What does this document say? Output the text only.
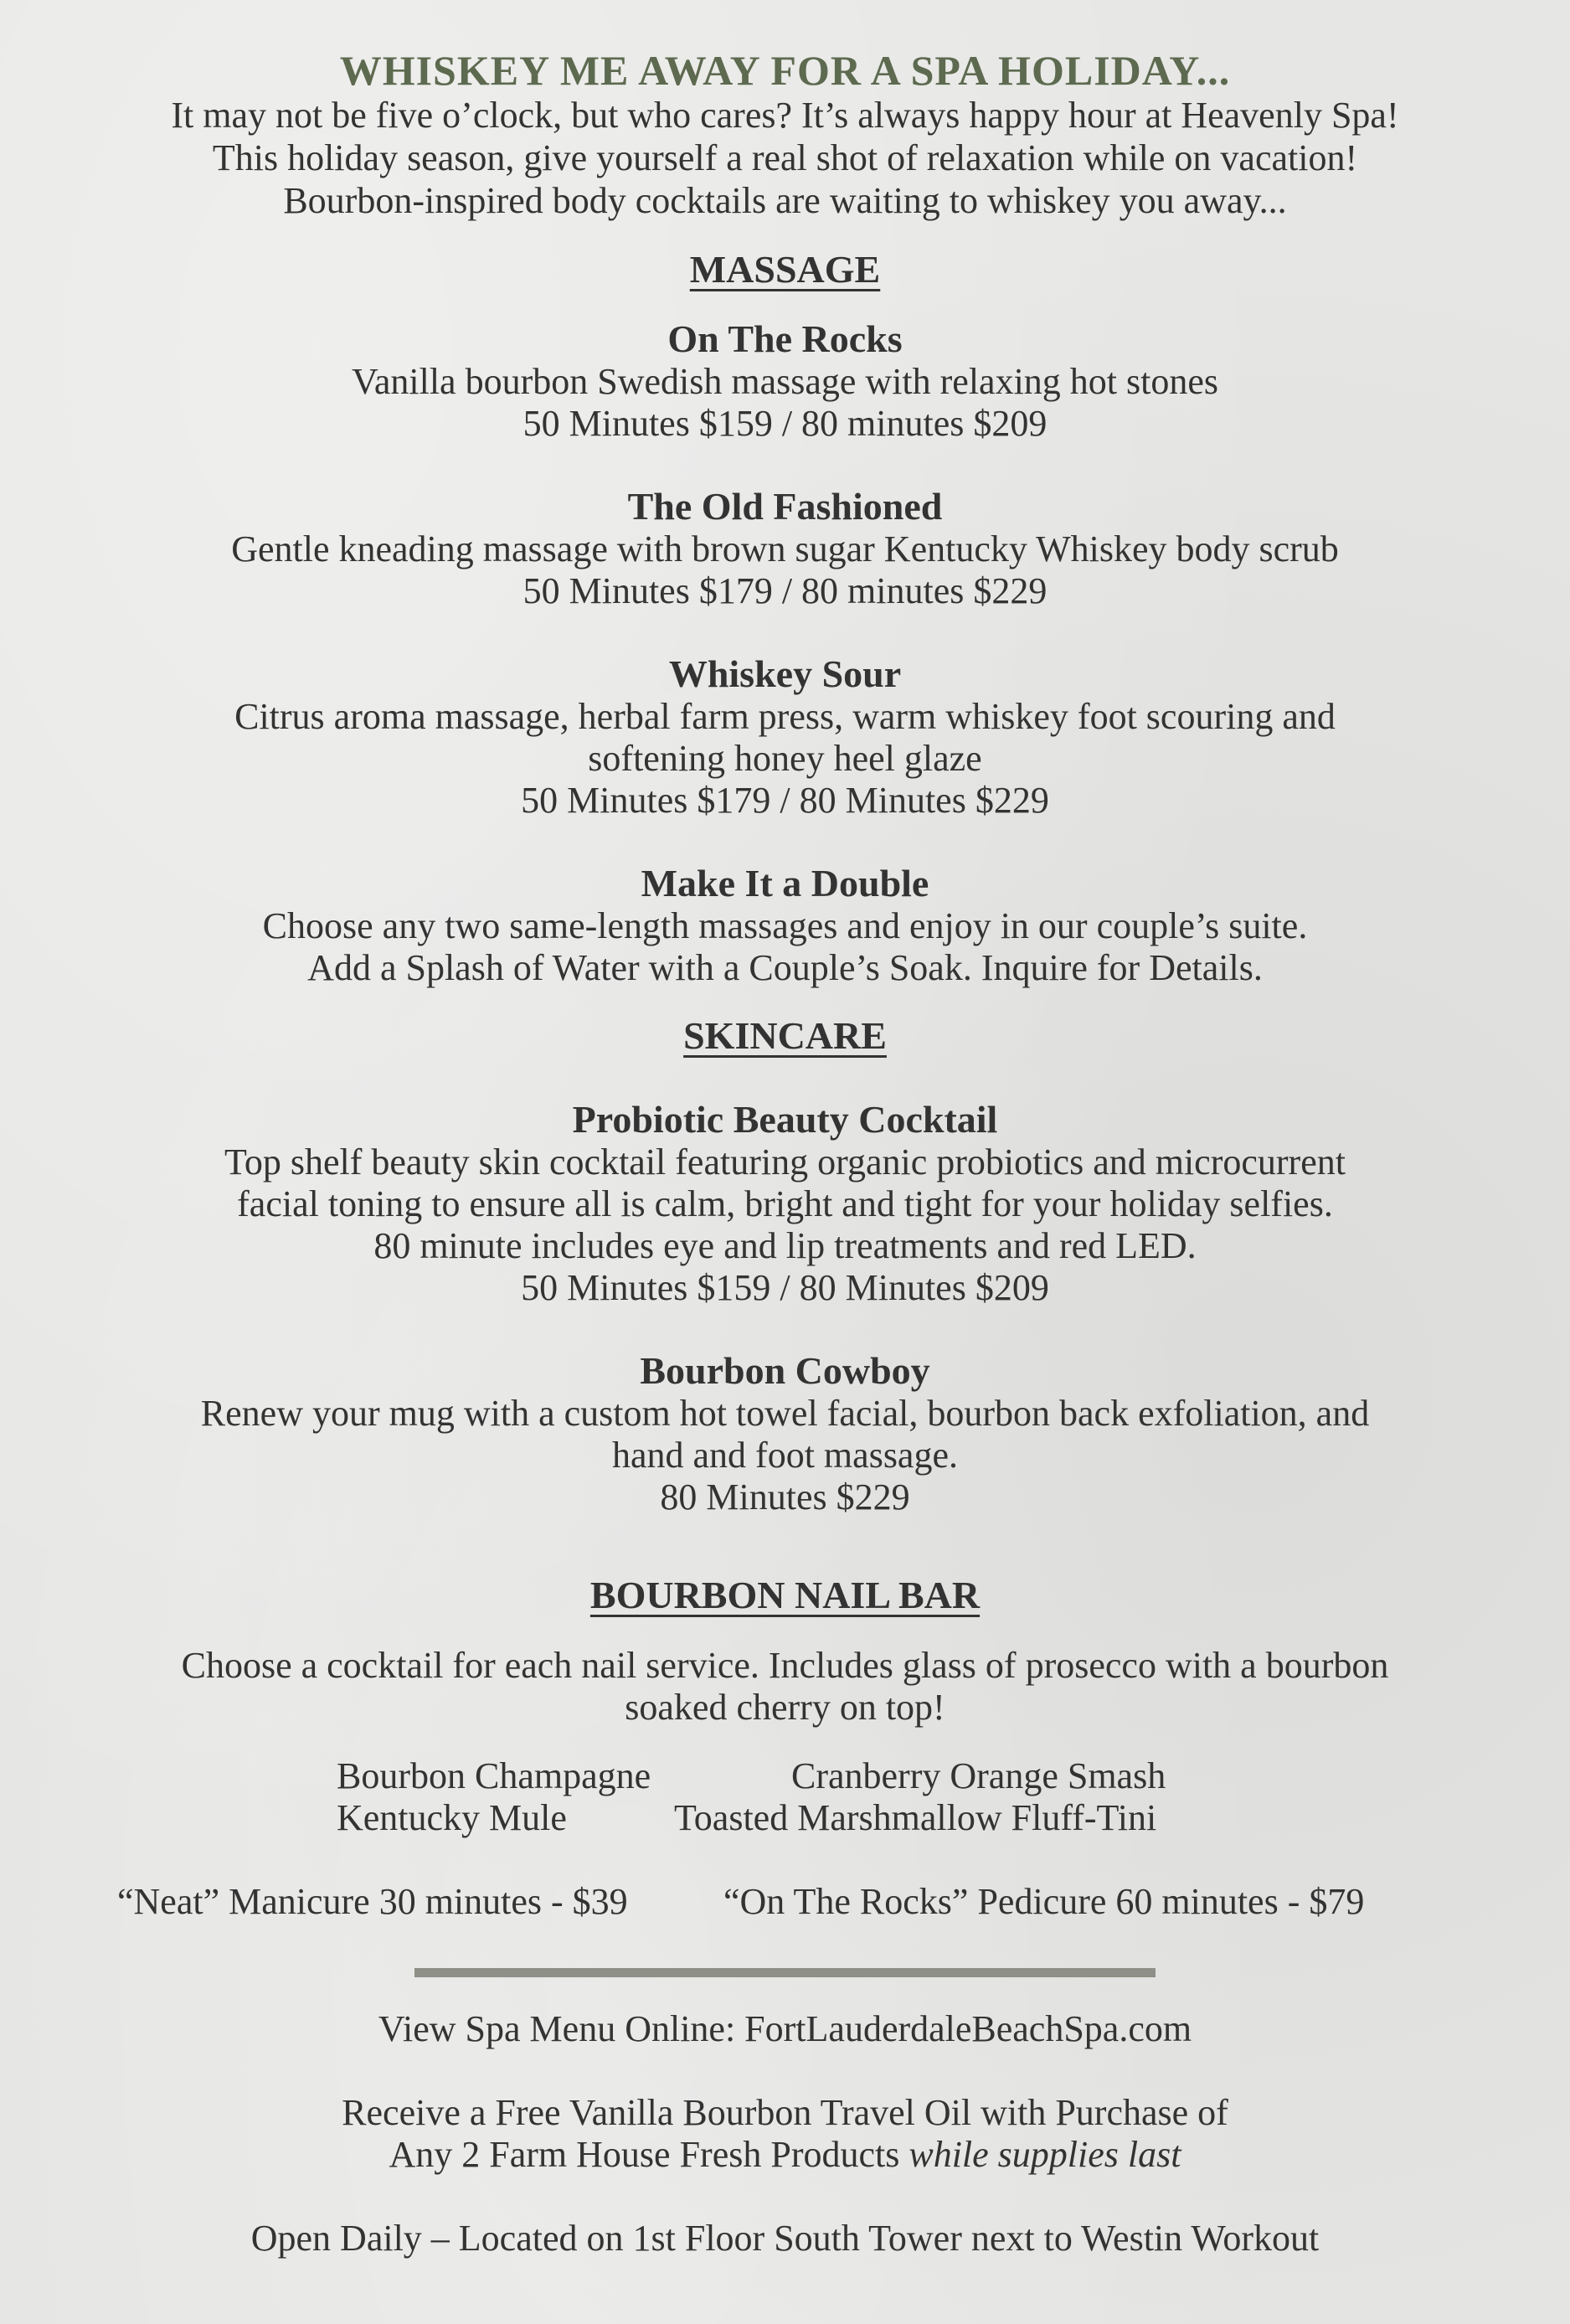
WHISKEY ME AWAY FOR A SPA HOLIDAY...
It may not be five o’clock, but who cares? It’s always happy hour at Heavenly Spa!
This holiday season, give yourself a real shot of relaxation while on vacation!
Bourbon-inspired body cocktails are waiting to whiskey you away...
MASSAGE
On The Rocks
Vanilla bourbon Swedish massage with relaxing hot stones
50 Minutes $159 / 80 minutes $209
The Old Fashioned
Gentle kneading massage with brown sugar Kentucky Whiskey body scrub
50 Minutes $179 / 80 minutes $229
Whiskey Sour
Citrus aroma massage, herbal farm press, warm whiskey foot scouring and
softening honey heel glaze
50 Minutes $179 / 80 Minutes $229
Make It a Double
Choose any two same-length massages and enjoy in our couple’s suite.
Add a Splash of Water with a Couple’s Soak. Inquire for Details.
SKINCARE
Probiotic Beauty Cocktail
Top shelf beauty skin cocktail featuring organic probiotics and microcurrent
facial toning to ensure all is calm, bright and tight for your holiday selfies.
80 minute includes eye and lip treatments and red LED.
50 Minutes $159 / 80 Minutes $209
Bourbon Cowboy
Renew your mug with a custom hot towel facial, bourbon back exfoliation, and
hand and foot massage.
80 Minutes $229
BOURBON NAIL BAR
Choose a cocktail for each nail service. Includes glass of prosecco with a bourbon
soaked cherry on top!
Bourbon Champagne	Cranberry Orange Smash
Kentucky Mule	Toasted Marshmallow Fluff-Tini
“Neat” Manicure 30 minutes - $39	“On The Rocks” Pedicure 60 minutes - $79
View Spa Menu Online: FortLauderdaleBeachSpa.com
Receive a Free Vanilla Bourbon Travel Oil with Purchase of
Any 2 Farm House Fresh Products while supplies last
Open Daily – Located on 1st Floor South Tower next to Westin Workout
